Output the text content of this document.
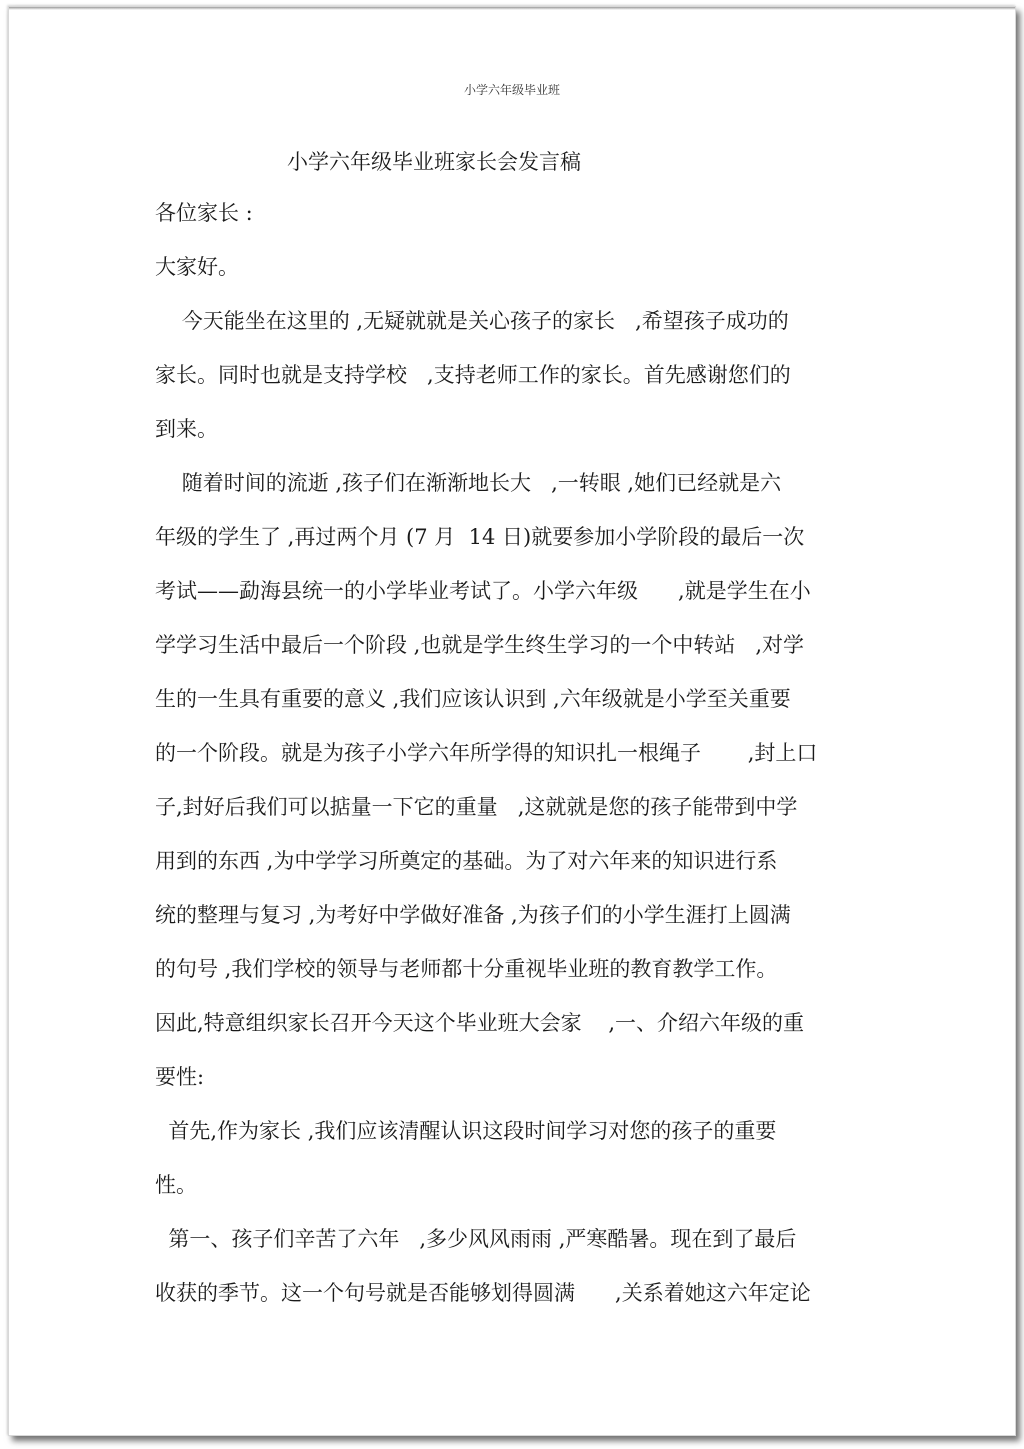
小学六年级毕业班
小学六年级毕业班家长会发言稿
各位家长 :
大家好。
今天能坐在这里的 ,无疑就就是关心孩子的家长   ,希望孩子成功的
家长。同时也就是支持学校   ,支持老师工作的家长。首先感谢您们的
到来。
随着时间的流逝 ,孩子们在渐渐地长大   ,一转眼 ,她们已经就是六
年级的学生了 ,再过两个月 (7 月  14 日)就要参加小学阶段的最后一次
考试——勐海县统一的小学毕业考试了。小学六年级      ,就是学生在小
学学习生活中最后一个阶段 ,也就是学生终生学习的一个中转站   ,对学
生的一生具有重要的意义 ,我们应该认识到 ,六年级就是小学至关重要
的一个阶段。就是为孩子小学六年所学得的知识扎一根绳子       ,封上口
子,封好后我们可以掂量一下它的重量   ,这就就是您的孩子能带到中学
用到的东西 ,为中学学习所奠定的基础。为了对六年来的知识进行系
统的整理与复习 ,为考好中学做好准备 ,为孩子们的小学生涯打上圆满
的句号 ,我们学校的领导与老师都十分重视毕业班的教育教学工作。
因此,特意组织家长召开今天这个毕业班大会家    ,一、介绍六年级的重
要性:
首先,作为家长 ,我们应该清醒认识这段时间学习对您的孩子的重要
性。
第一、孩子们辛苦了六年   ,多少风风雨雨 ,严寒酷暑。现在到了最后
收获的季节。这一个句号就是否能够划得圆满      ,关系着她这六年定论
